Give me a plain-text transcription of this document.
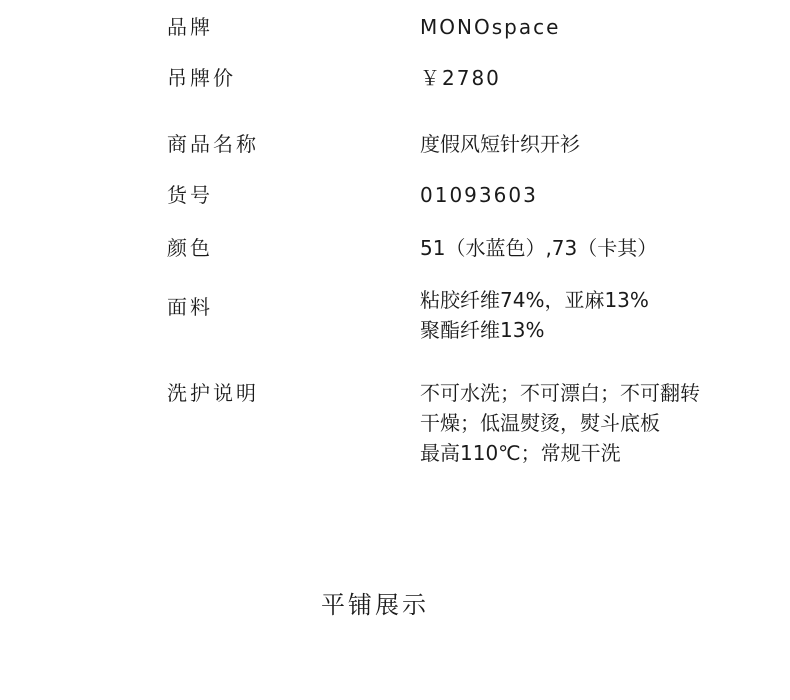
品牌	MONOspace
吊牌价	￥2780
商品名称	度假风短针织开衫
货号	01093603
颜色	51（水蓝色）,73（卡其）
面料	粘胶纤维74%，亚麻13%
聚酯纤维13%
洗护说明	不可水洗；不可漂白；不可翻转
干燥；低温熨烫，熨斗底板
最高110℃；常规干洗
平铺展示
